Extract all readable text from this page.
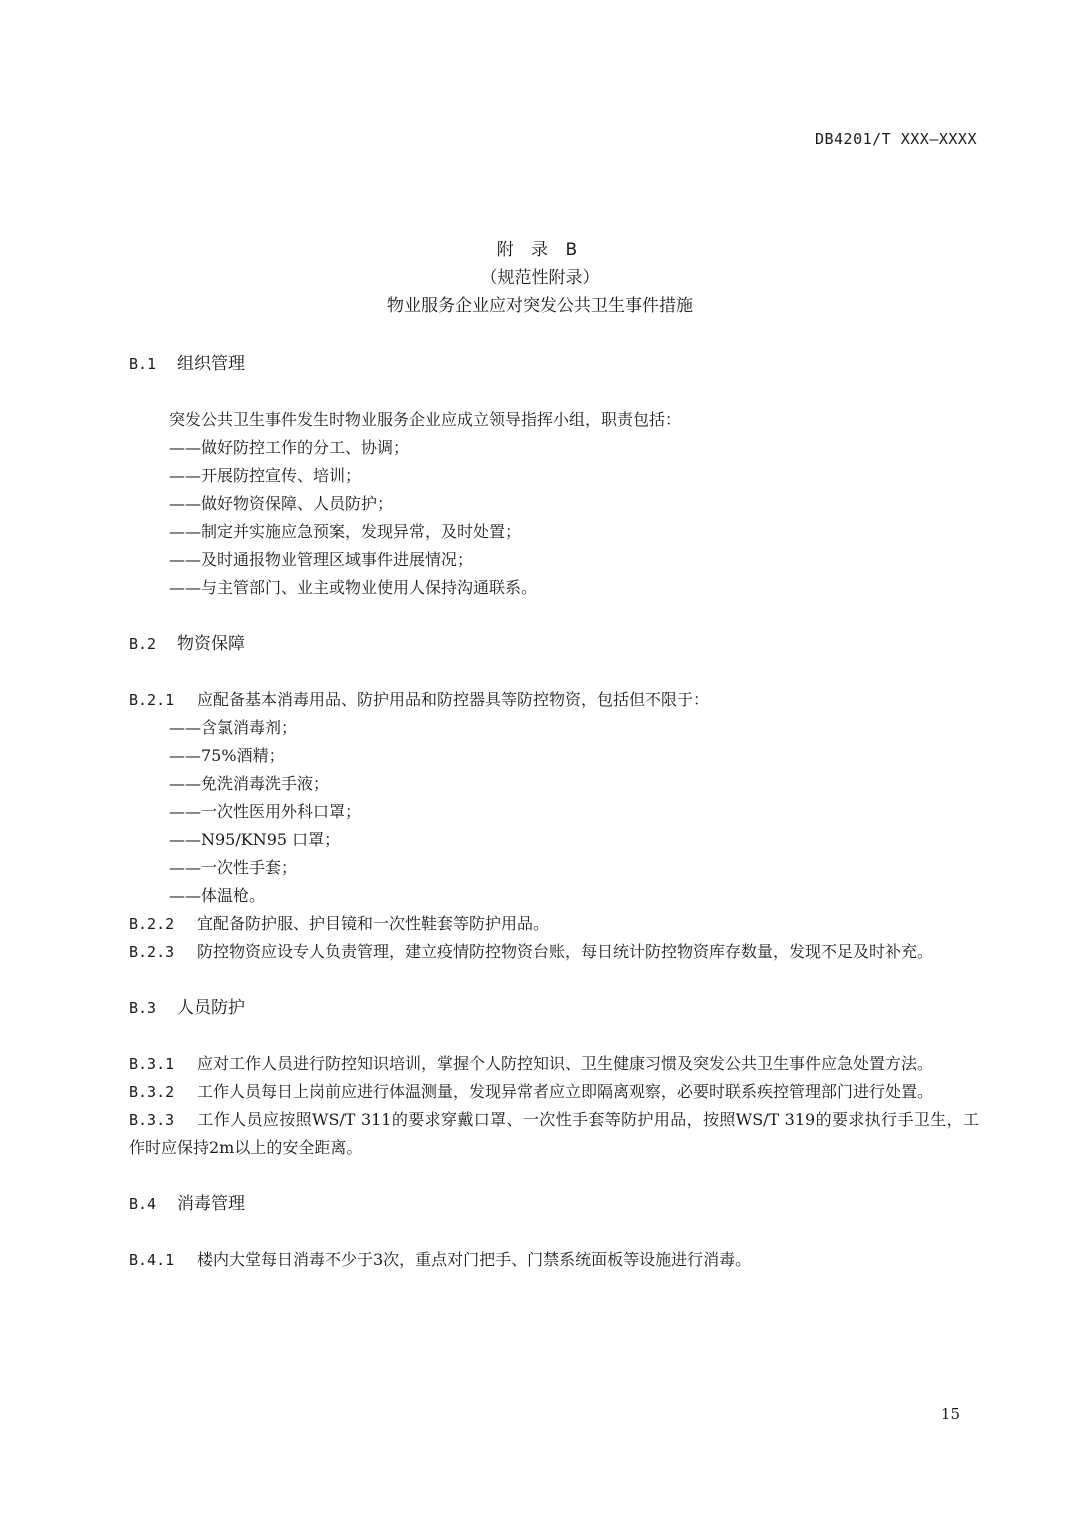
DB4201/T XXX—XXXX
附 录 B
（规范性附录）
物业服务企业应对突发公共卫生事件措施
B.1 组织管理
突发公共卫生事件发生时物业服务企业应成立领导指挥小组，职责包括：
——做好防控工作的分工、协调；
——开展防控宣传、培训；
——做好物资保障、人员防护；
——制定并实施应急预案，发现异常，及时处置；
——及时通报物业管理区域事件进展情况；
——与主管部门、业主或物业使用人保持沟通联系。
B.2 物资保障
B.2.1 应配备基本消毒用品、防护用品和防控器具等防控物资，包括但不限于：
——含氯消毒剂；
——75%酒精；
——免洗消毒洗手液；
——一次性医用外科口罩；
——N95/KN95 口罩；
——一次性手套；
——体温枪。
B.2.2 宜配备防护服、护目镜和一次性鞋套等防护用品。
B.2.3 防控物资应设专人负责管理，建立疫情防控物资台账，每日统计防控物资库存数量，发现不足及时补充。
B.3 人员防护
B.3.1 应对工作人员进行防控知识培训，掌握个人防控知识、卫生健康习惯及突发公共卫生事件应急处置方法。
B.3.2 工作人员每日上岗前应进行体温测量，发现异常者应立即隔离观察，必要时联系疾控管理部门进行处置。
B.3.3 工作人员应按照WS/T 311的要求穿戴口罩、一次性手套等防护用品，按照WS/T 319的要求执行手卫生，工作时应保持2m以上的安全距离。
B.4 消毒管理
B.4.1 楼内大堂每日消毒不少于3次，重点对门把手、门禁系统面板等设施进行消毒。
15
